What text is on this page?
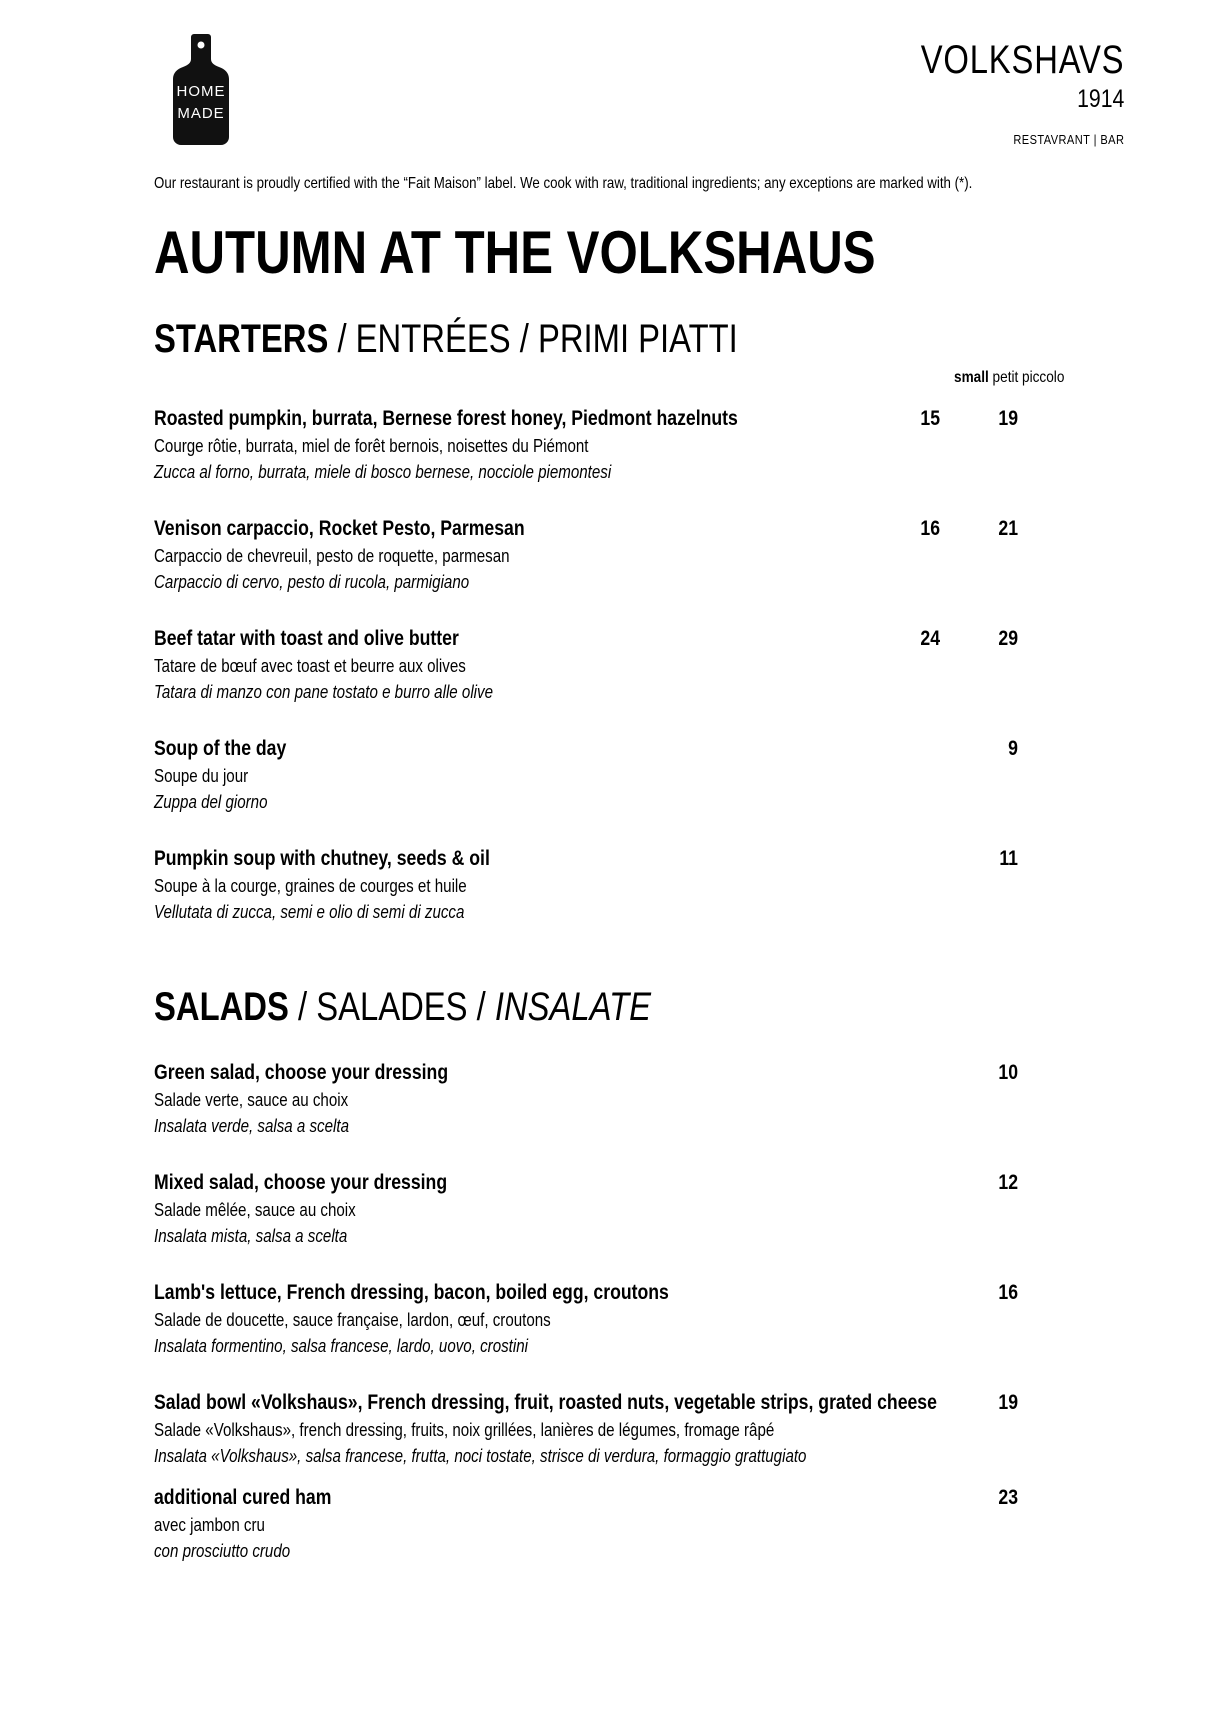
HOME
MADE
VOLKSHAVS
1914
RESTAVRANT | BAR
Our restaurant is proudly certified with the “Fait Maison” label. We cook with raw, traditional ingredients; any exceptions are marked with (*).
AUTUMN AT THE VOLKSHAUS
STARTERS / ENTRÉES / PRIMI PIATTI
small petit piccolo
SALADS / SALADES / INSALATE
Roasted pumpkin, burrata, Bernese forest honey, Piedmont hazelnuts
Courge rôtie, burrata, miel de forêt bernois, noisettes du Piémont
Zucca al forno, burrata, miele di bosco bernese, nocciole piemontesi
15	19
Venison carpaccio, Rocket Pesto, Parmesan
Carpaccio de chevreuil, pesto de roquette, parmesan
Carpaccio di cervo, pesto di rucola, parmigiano
16	21
Beef tatar with toast and olive butter
Tatare de bœuf avec toast et beurre aux olives
Tatara di manzo con pane tostato e burro alle olive
24	29
Soup of the day
Soupe du jour
Zuppa del giorno
9
Pumpkin soup with chutney, seeds & oil
Soupe à la courge, graines de courges et huile
Vellutata di zucca, semi e olio di semi di zucca
11
Green salad, choose your dressing
Salade verte, sauce au choix
Insalata verde, salsa a scelta
10
Mixed salad, choose your dressing
Salade mêlée, sauce au choix
Insalata mista, salsa a scelta
12
Lamb's lettuce, French dressing, bacon, boiled egg, croutons
Salade de doucette, sauce française, lardon, œuf, croutons
Insalata formentino, salsa francese, lardo, uovo, crostini
16
Salad bowl «Volkshaus», French dressing, fruit, roasted nuts, vegetable strips, grated cheese
Salade «Volkshaus», french dressing, fruits, noix grillées, lanières de légumes, fromage râpé
Insalata «Volkshaus», salsa francese, frutta, noci tostate, strisce di verdura, formaggio grattugiato
19
additional cured ham
avec jambon cru
con prosciutto crudo
23
